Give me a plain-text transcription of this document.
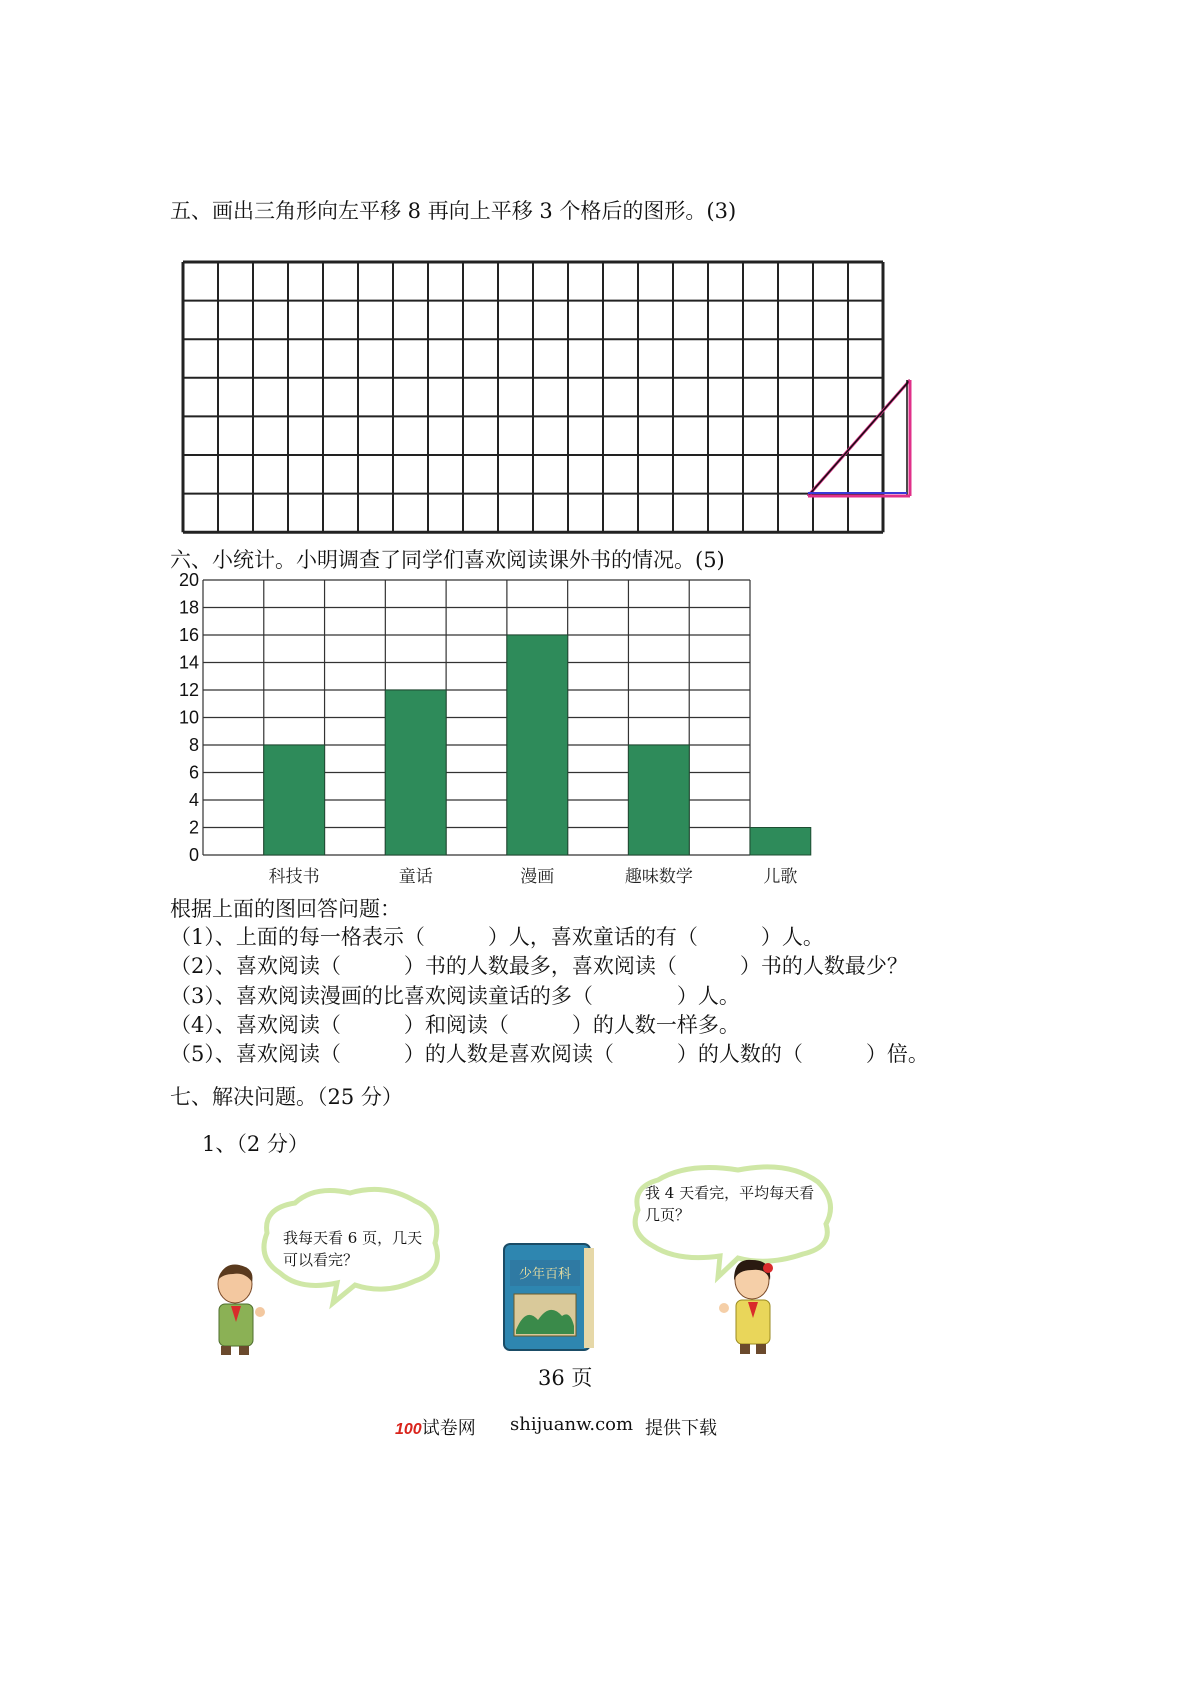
五、画出三角形向左平移 8 再向上平移 3 个格后的图形。(3)
六、小统计。小明调查了同学们喜欢阅读课外书的情况。(5)
0
2
4
6
8
10
12
14
16
18
20
科技书	童话	漫画	趣味数学	儿歌
根据上面的图回答问题：
（1）、上面的每一格表示（　　　）人，喜欢童话的有（　　　）人。
（2）、喜欢阅读（　　　）书的人数最多，喜欢阅读（　　　）书的人数最少？
（3）、喜欢阅读漫画的比喜欢阅读童话的多（　　　　）人。
（4）、喜欢阅读（　　　）和阅读（　　　）的人数一样多。
（5）、喜欢阅读（　　　）的人数是喜欢阅读（　　　）的人数的（　　　）倍。
七、解决问题。（25 分）
1、（2 分）
我每天看 6 页，几天可以看完？
我 4 天看完，平均每天看几页？
少年百科
36 页
100试卷网 shijuanw.com 提供下载
